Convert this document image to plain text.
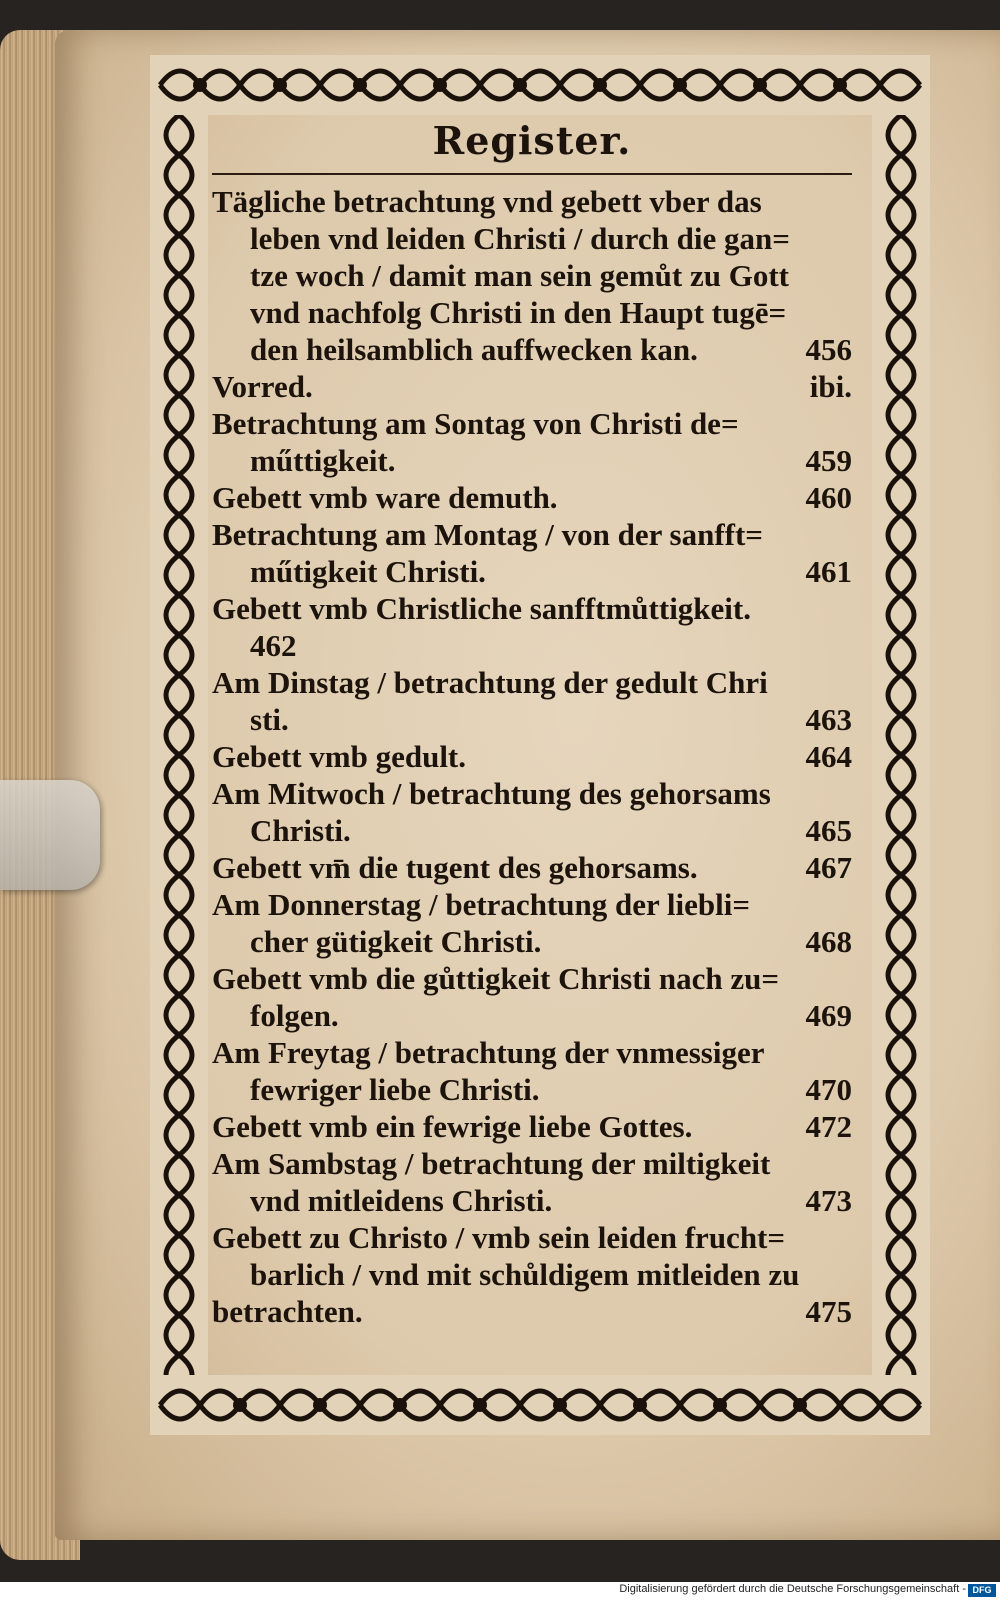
Register.
Tägliche betrachtung vnd gebett vber das
leben vnd leiden Christi / durch die gan=
tze woch / damit man sein gemůt zu Gott
vnd nachfolg Christi in den Haupt tugē=
den heilsamblich auffwecken kan.	456
Vorred.	ibi.
Betrachtung am Sontag von Christi de=
műttigkeit.	459
Gebett vmb ware demuth.	460
Betrachtung am Montag / von der sanfft=
műtigkeit Christi.	461
Gebett vmb Christliche sanfftmůttigkeit.
462
Am Dinstag / betrachtung der gedult Chri
sti.	463
Gebett vmb gedult.	464
Am Mitwoch / betrachtung des gehorsams
Christi.	465
Gebett vm̄ die tugent des gehorsams.	467
Am Donnerstag / betrachtung der liebli=
cher gütigkeit Christi.	468
Gebett vmb die gůttigkeit Christi nach zu=
folgen.	469
Am Freytag / betrachtung der vnmessiger
fewriger liebe Christi.	470
Gebett vmb ein fewrige liebe Gottes.	472
Am Sambstag / betrachtung der miltigkeit
vnd mitleidens Christi.	473
Gebett zu Christo / vmb sein leiden frucht=
barlich / vnd mit schůldigem mitleiden zu
betrachten.	475
Digitalisierung gefördert durch die Deutsche Forschungsgemeinschaft - DFG
